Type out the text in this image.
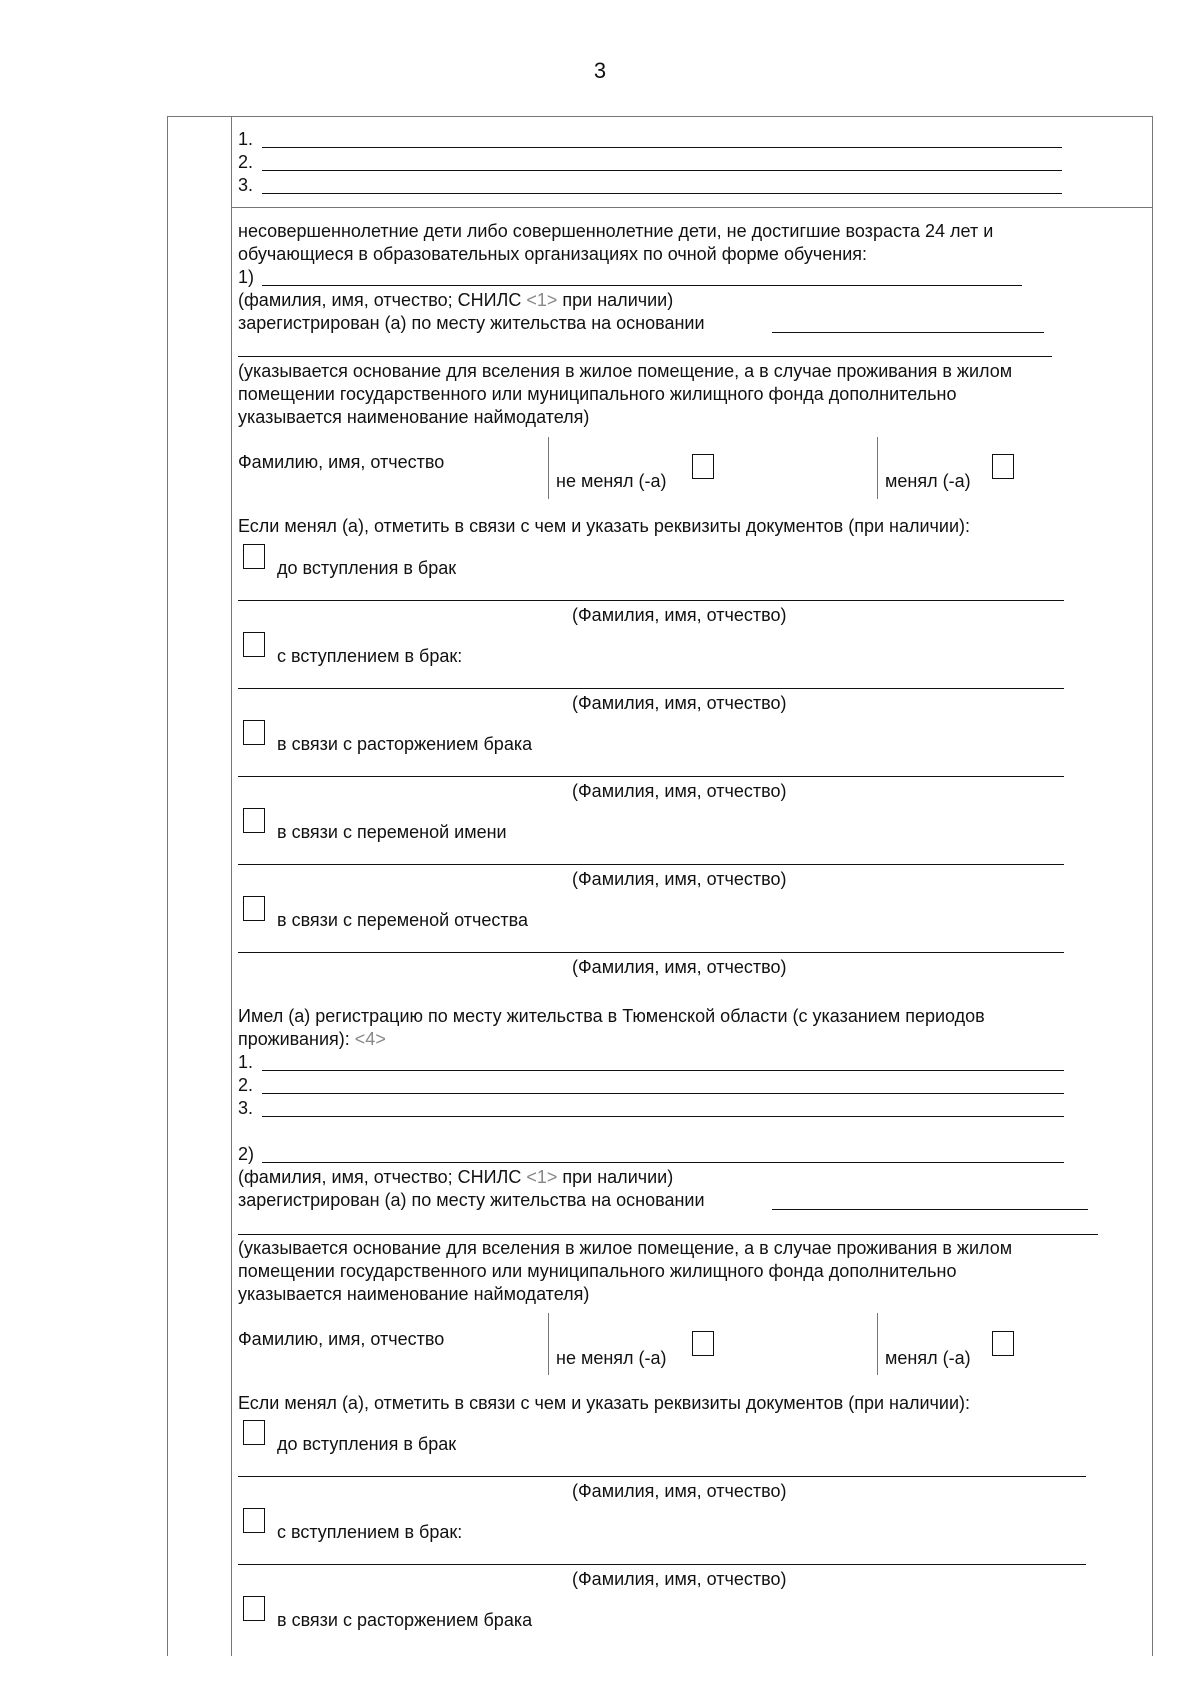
3
1.
2.
3.
несовершеннолетние дети либо совершеннолетние дети, не достигшие возраста 24 лет и
обучающиеся в образовательных организациях по очной форме обучения:
1)
(фамилия, имя, отчество; СНИЛС <1> при наличии)
зарегистрирован (а) по месту жительства на основании
(указывается основание для вселения в жилое помещение, а в случае проживания в жилом
помещении государственного или муниципального жилищного фонда дополнительно
указывается наименование наймодателя)
Фамилию, имя, отчество
не менял (-а)	менял (-а)
Если менял (а), отметить в связи с чем и указать реквизиты документов (при наличии):
до вступления в брак
(Фамилия, имя, отчество)
с вступлением в брак:
(Фамилия, имя, отчество)
в связи с расторжением брака
(Фамилия, имя, отчество)
в связи с переменой имени
(Фамилия, имя, отчество)
в связи с переменой отчества
(Фамилия, имя, отчество)
Имел (а) регистрацию по месту жительства в Тюменской области (с указанием периодов
проживания): <4>
1.
2.
3.
2)
(фамилия, имя, отчество; СНИЛС <1> при наличии)
зарегистрирован (а) по месту жительства на основании
(указывается основание для вселения в жилое помещение, а в случае проживания в жилом
помещении государственного или муниципального жилищного фонда дополнительно
указывается наименование наймодателя)
Фамилию, имя, отчество
не менял (-а)	менял (-а)
Если менял (а), отметить в связи с чем и указать реквизиты документов (при наличии):
до вступления в брак
(Фамилия, имя, отчество)
с вступлением в брак:
(Фамилия, имя, отчество)
в связи с расторжением брака
